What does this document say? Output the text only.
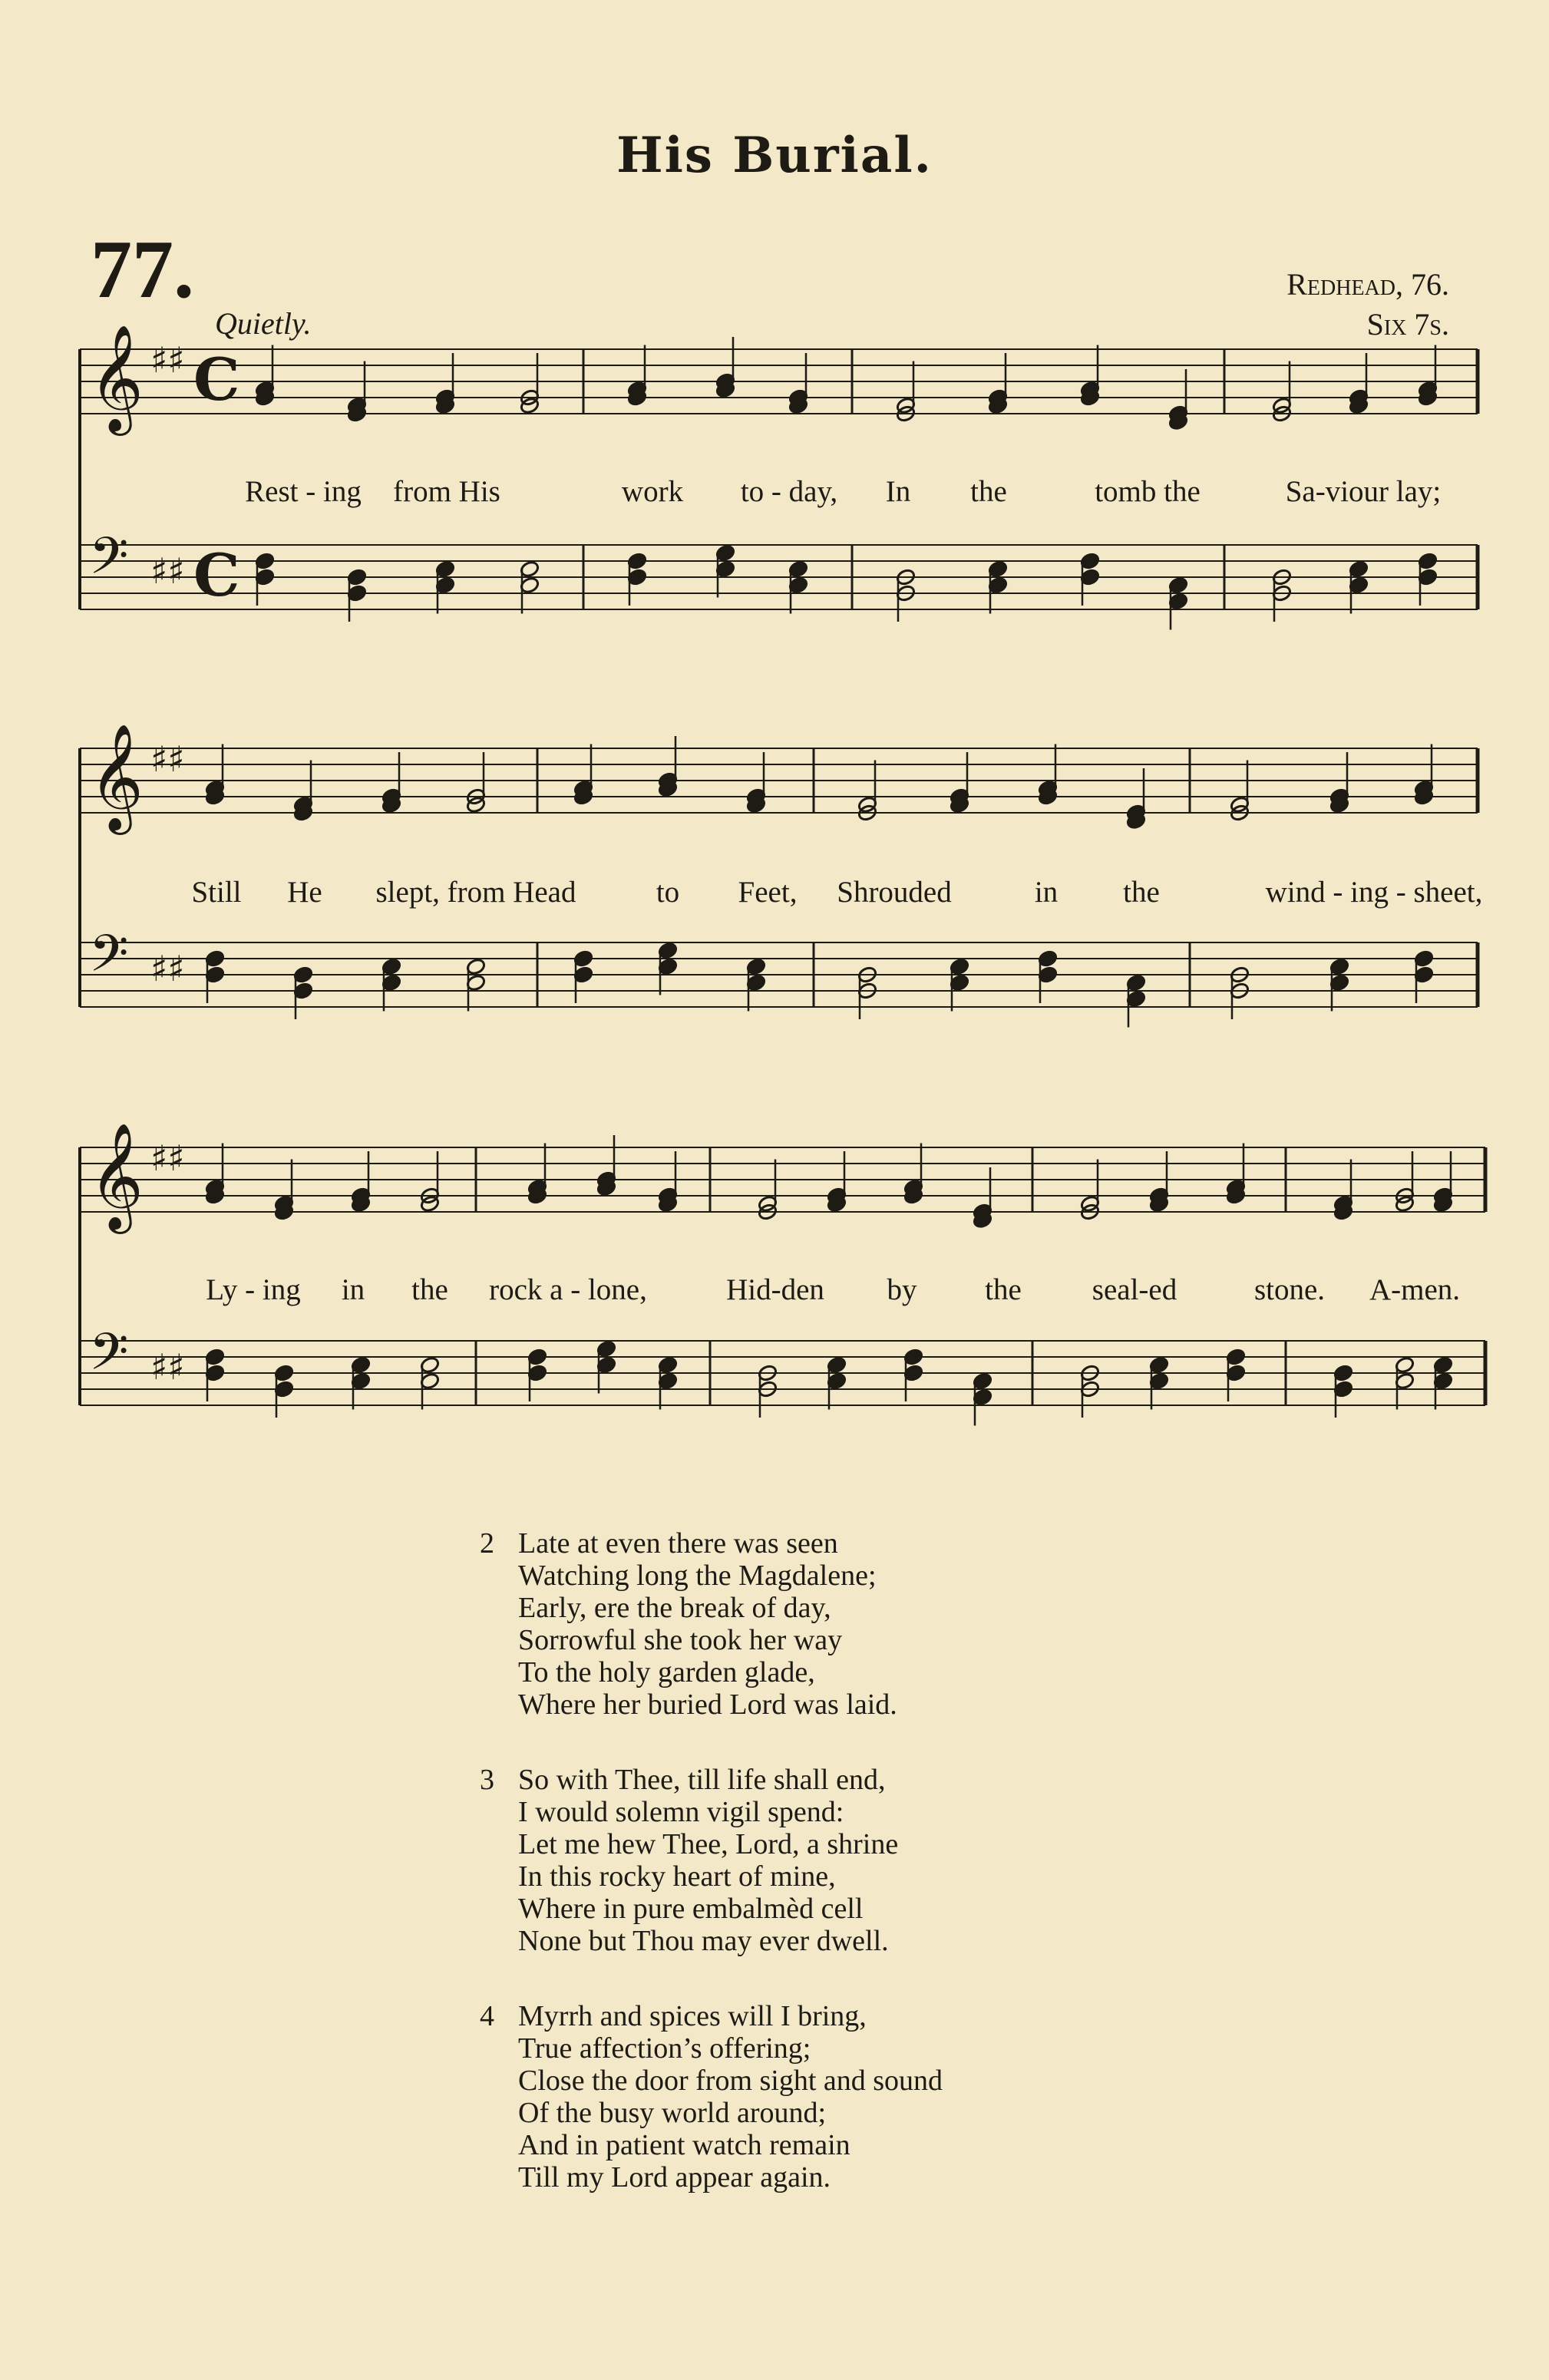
His Burial.
77.
Quietly.
Redhead, 76.
Six 7s.
𝄞 ♯♯ C
𝄢 ♯♯ C
𝄞 ♯♯
𝄢 ♯♯
𝄞 ♯♯
𝄢 ♯♯
Rest - ing from His	work to - day, In the	tomb the	Sa-viour lay;
Still He slept, from Head	to Feet, Shrouded	in the	wind - ing - sheet,
Ly - ing in the rock a - lone,	Hid-den by the seal-ed	stone. A-men.
2 Late at even there was seen
Watching long the Magdalene;
Early, ere the break of day,
Sorrowful she took her way
To the holy garden glade,
Where her buried Lord was laid.
3 So with Thee, till life shall end,
I would solemn vigil spend:
Let me hew Thee, Lord, a shrine
In this rocky heart of mine,
Where in pure embalmèd cell
None but Thou may ever dwell.
4 Myrrh and spices will I bring,
True affection’s offering;
Close the door from sight and sound
Of the busy world around;
And in patient watch remain
Till my Lord appear again.
